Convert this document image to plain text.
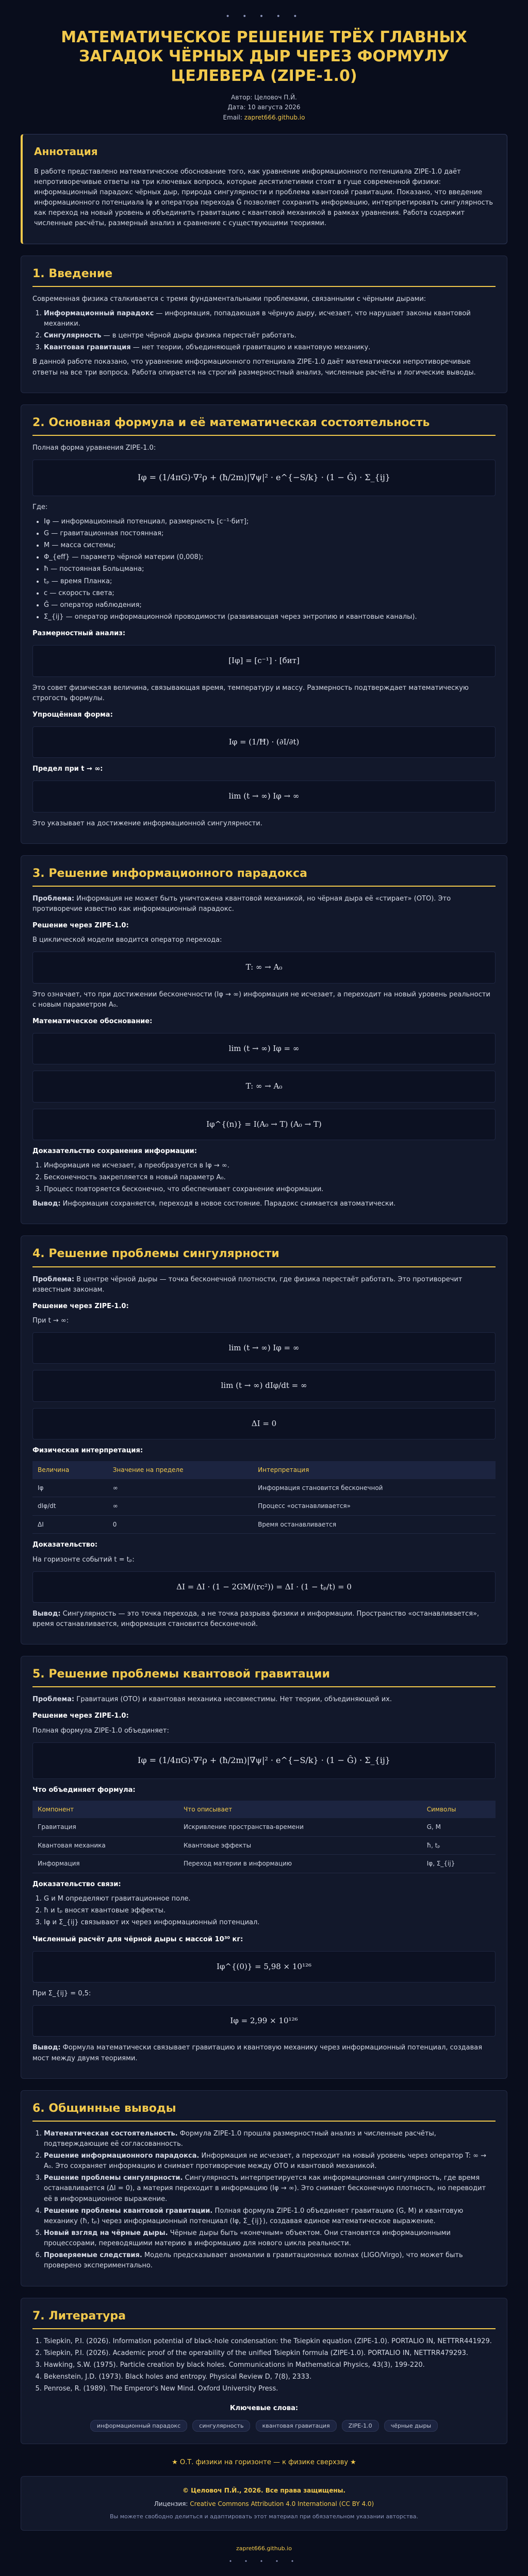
• • • • •
МАТЕМАТИЧЕСКОЕ РЕШЕНИЕ ТРЁХ ГЛАВНЫХ ЗАГАДОК ЧЁРНЫХ ДЫР ЧЕРЕЗ ФОРМУЛУ ЦЕЛЕВЕРА (ZIPE-1.0)
Автор: Целовоч П.Й.
Дата: 10 августа 2026
Email: zapret666.github.io
Аннотация

В работе представлено математическое обоснование того, как уравнение информационного потенциала ZIPE-1.0 даёт непротиворечивые ответы на три ключевых вопроса, которые десятилетиями стоят в гуще современной физики: информационный парадокс чёрных дыр, природа сингулярности и проблема квантовой гравитации. Показано, что введение информационного потенциала Iφ и оператора перехода Ĝ позволяет сохранить информацию, интерпретировать сингулярность как переход на новый уровень и объединить гравитацию с квантовой механикой в рамках уравнения. Работа содержит численные расчёты, размерный анализ и сравнение с существующими теориями.

1. Введение

Современная физика сталкивается с тремя фундаментальными проблемами, связанными с чёрными дырами:

1. Информационный парадокс — информация, попадающая в чёрную дыру, исчезает, что нарушает законы квантовой механики.
2. Сингулярность — в центре чёрной дыры физика перестаёт работать.
3. Квантовая гравитация — нет теории, объединяющей гравитацию и квантовую механику.

В данной работе показано, что уравнение информационного потенциала ZIPE-1.0 даёт математически непротиворечивые ответы на все три вопроса. Работа опирается на строгий размерностный анализ, численные расчёты и логические выводы.

2. Основная формула и её математическая состоятельность

Полная форма уравнения ZIPE-1.0:

Iφ = (1/4πG)·∇²ρ + (ħ/2m)|∇ψ|² · e^{−S/k} · (1 − Ĝ) · Σ_{ij}

Где:

• Iφ — информационный потенциал, размерность [с⁻¹·бит];
• G — гравитационная постоянная;
• M — масса системы;
• Φ_{eff} — параметр чёрной материи (0,008);
• ħ — постоянная Больцмана;
• tₚ — время Планка;
• c — скорость света;
• Ĝ — оператор наблюдения;
• Σ_{ij} — оператор информационной проводимости (развивающая через энтропию и квантовые каналы).
Размерностный анализ:
[Iφ] = [с⁻¹] · [бит]

Это совет физическая величина, связывающая время, температуру и массу. Размерность подтверждает математическую строгость формулы.

Упрощённая форма:
Iφ = (1/Ħ) · (∂I/∂t)
Предел при t → ∞:
lim (t → ∞) Iφ → ∞

Это указывает на достижение информационной сингулярности.

3. Решение информационного парадокса

Проблема: Информация не может быть уничтожена квантовой механикой, но чёрная дыра её «стирает» (ОТО). Это противоречие известно как информационный парадокс.

Решение через ZIPE-1.0:

В циклической модели вводится оператор перехода:

T: ∞ → A₀

Это означает, что при достижении бесконечности (Iφ → ∞) информация не исчезает, а переходит на новый уровень реальности с новым параметром A₀.

Математическое обоснование:
lim (t → ∞) Iφ = ∞
T: ∞ → A₀
Iφ^{(n)} = I(A₀ → T) (A₀ → T)
Доказательство сохранения информации:
1. Информация не исчезает, а преобразуется в Iφ → ∞.
2. Бесконечность закрепляется в новый параметр A₀.
3. Процесс повторяется бесконечно, что обеспечивает сохранение информации.

Вывод: Информация сохраняется, переходя в новое состояние. Парадокс снимается автоматически.

4. Решение проблемы сингулярности

Проблема: В центре чёрной дыры — точка бесконечной плотности, где физика перестаёт работать. Это противоречит известным законам.

Решение через ZIPE-1.0:

При t → ∞:

lim (t → ∞) Iφ = ∞
lim (t → ∞) dIφ/dt = ∞
ΔI = 0
Физическая интерпретация:
Величина	Значение на пределе	Интерпретация
Iφ	∞	Информация становится бесконечной
dIφ/dt	∞	Процесс «останавливается»
ΔI	0	Время останавливается
Доказательство:

На горизонте событий t = tₚ:

ΔI = ΔI · (1 − 2GM/(rc²)) = ΔI · (1 − tₚ/t) = 0

Вывод: Сингулярность — это точка перехода, а не точка разрыва физики и информации. Пространство «останавливается», время останавливается, информация становится бесконечной.

5. Решение проблемы квантовой гравитации

Проблема: Гравитация (ОТО) и квантовая механика несовместимы. Нет теории, объединяющей их.

Решение через ZIPE-1.0:

Полная формула ZIPE-1.0 объединяет:

Iφ = (1/4πG)·∇²ρ + (ħ/2m)|∇ψ|² · e^{−S/k} · (1 − Ĝ) · Σ_{ij}
Что объединяет формула:
Компонент	Что описывает	Символы
Гравитация	Искривление пространства-времени	G, M
Квантовая механика	Квантовые эффекты	ħ, tₚ
Информация	Переход материи в информацию	Iφ, Σ_{ij}
Доказательство связи:
1. G и M определяют гравитационное поле.
2. ħ и tₚ вносят квантовые эффекты.
3. Iφ и Σ_{ij} связывают их через информационный потенциал.
Численный расчёт для чёрной дыры с массой 10³⁰ кг:
Iφ^{(0)} = 5,98 × 10¹²⁶

При Σ_{ij} = 0,5:

Iφ = 2,99 × 10¹²⁶

Вывод: Формула математически связывает гравитацию и квантовую механику через информационный потенциал, создавая мост между двумя теориями.

6. Общинные выводы
1. Математическая состоятельность. Формула ZIPE-1.0 прошла размерностный анализ и численные расчёты, подтверждающие её согласованность.
2. Решение информационного парадокса. Информация не исчезает, а переходит на новый уровень через оператор T: ∞ → A₀. Это сохраняет информацию и снимает противоречие между ОТО и квантовой механикой.
3. Решение проблемы сингулярности. Сингулярность интерпретируется как информационная сингулярность, где время останавливается (ΔI = 0), а материя переходит в информацию (Iφ → ∞). Это снимает бесконечную плотность, но переводит её в информационное выражение.
4. Решение проблемы квантовой гравитации. Полная формула ZIPE-1.0 объединяет гравитацию (G, M) и квантовую механику (ħ, tₚ) через информационный потенциал (Iφ, Σ_{ij}), создавая единое математическое выражение.
5. Новый взгляд на чёрные дыры. Чёрные дыры быть «конечным» объектом. Они становятся информационными процессорами, переводящими материю в информацию для нового цикла реальности.
6. Проверяемые следствия. Модель предсказывает аномалии в гравитационных волнах (LIGO/Virgo), что может быть проверено экспериментально.
7. Литература
1. Tsiepkin, P.I. (2026). Information potential of black-hole condensation: the Tsiepkin equation (ZIPE-1.0). PORTALIO IN, NETTRR441929.
2. Tsiepkin, P.I. (2026). Academic proof of the operability of the unified Tsiepkin formula (ZIPE-1.0). PORTALIO IN, NETTRR479293.
3. Hawking, S.W. (1975). Particle creation by black holes. Communications in Mathematical Physics, 43(3), 199-220.
4. Bekenstein, J.D. (1973). Black holes and entropy. Physical Review D, 7(8), 2333.
5. Penrose, R. (1989). The Emperor's New Mind. Oxford University Press.
Ключевые слова:
информационный парадокс	сингулярность	квантовая гравитация	ZIPE-1.0	чёрные дыры
★ О.Т. физики на горизонте — к физике сверхзву ★
© Целовоч П.Й., 2026. Все права защищены.
Лицензия: Creative Commons Attribution 4.0 International (CC BY 4.0)
Вы можете свободно делиться и адаптировать этот материал при обязательном указании авторства.
zapret666.github.io
• • • • •
